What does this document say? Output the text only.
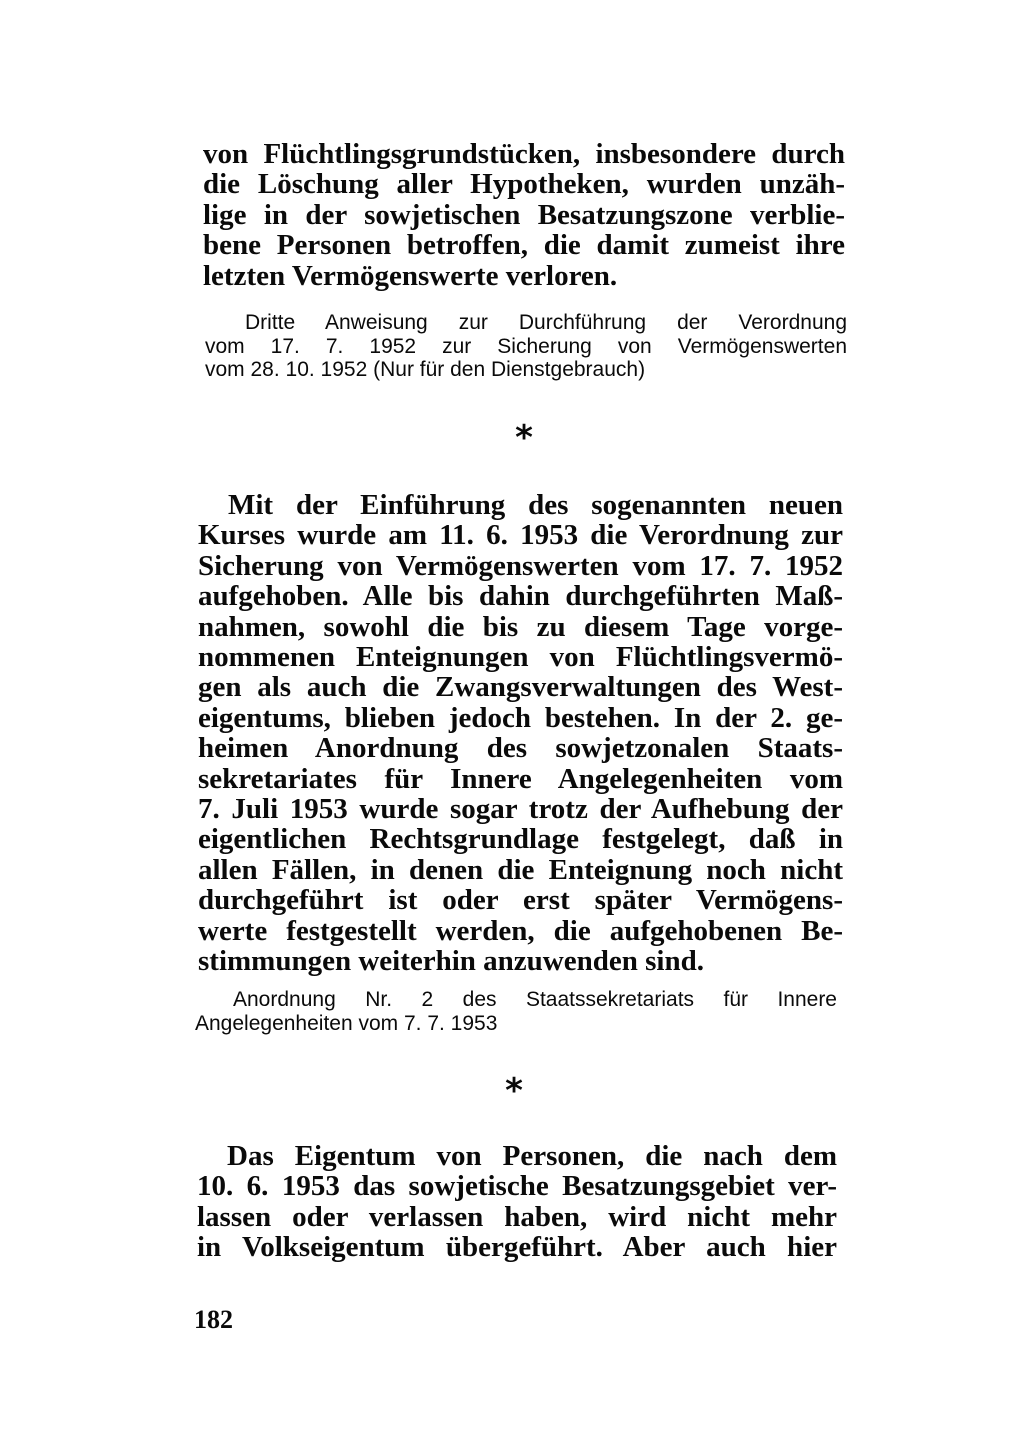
von Flüchtlingsgrundstücken, insbesondere durch
die Löschung aller Hypotheken, wurden unzäh-
lige in der sowjetischen Besatzungszone verblie-
bene Personen betroffen, die damit zumeist ihre
letzten Vermögenswerte verloren.
Dritte Anweisung zur Durchführung der Verordnung
vom 17. 7. 1952 zur Sicherung von Vermögenswerten
vom 28. 10. 1952 (Nur für den Dienstgebrauch)
*
Mit der Einführung des sogenannten neuen
Kurses wurde am 11. 6. 1953 die Verordnung zur
Sicherung von Vermögenswerten vom 17. 7. 1952
aufgehoben. Alle bis dahin durchgeführten Maß-
nahmen, sowohl die bis zu diesem Tage vorge-
nommenen Enteignungen von Flüchtlingsvermö-
gen als auch die Zwangsverwaltungen des West-
eigentums, blieben jedoch bestehen. In der 2. ge-
heimen Anordnung des sowjetzonalen Staats-
sekretariates für Innere Angelegenheiten vom
7. Juli 1953 wurde sogar trotz der Aufhebung der
eigentlichen Rechtsgrundlage festgelegt, daß in
allen Fällen, in denen die Enteignung noch nicht
durchgeführt ist oder erst später Vermögens-
werte festgestellt werden, die aufgehobenen Be-
stimmungen weiterhin anzuwenden sind.
Anordnung Nr. 2 des Staatssekretariats für Innere
Angelegenheiten vom 7. 7. 1953
*
Das Eigentum von Personen, die nach dem
10. 6. 1953 das sowjetische Besatzungsgebiet ver-
lassen oder verlassen haben, wird nicht mehr
in Volkseigentum übergeführt. Aber auch hier
182
